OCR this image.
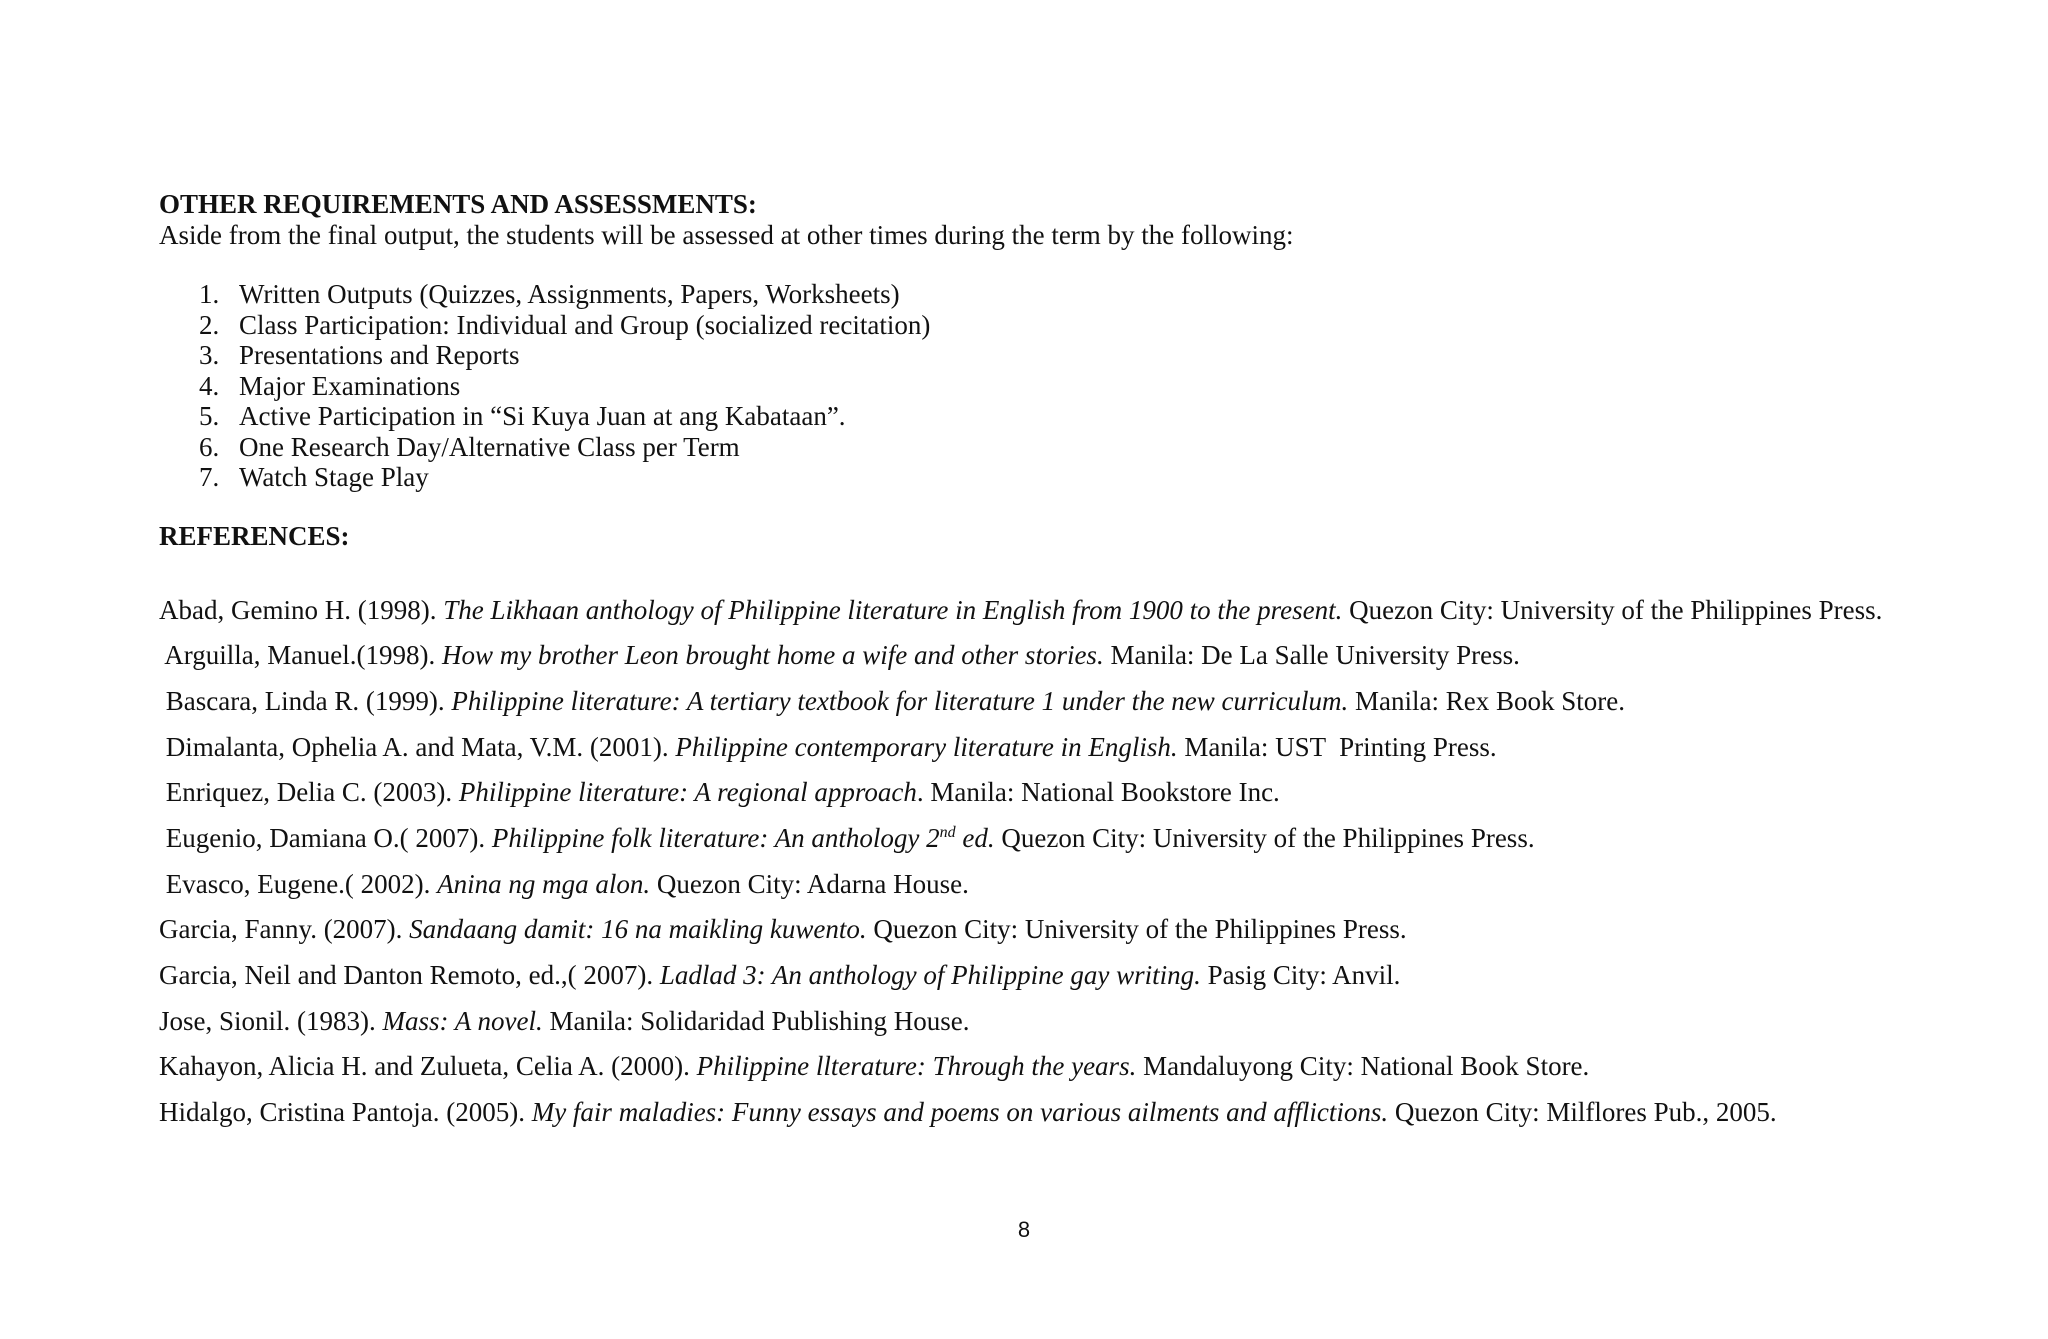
OTHER REQUIREMENTS AND ASSESSMENTS:

Aside from the final output, the students will be assessed at other times during the term by the following:

1. Written Outputs (Quizzes, Assignments, Papers, Worksheets)
2. Class Participation: Individual and Group (socialized recitation)
3. Presentations and Reports
4. Major Examinations
5. Active Participation in “Si Kuya Juan at ang Kabataan”.
6. One Research Day/Alternative Class per Term
7. Watch Stage Play

REFERENCES:

Abad, Gemino H. (1998). The Likhaan anthology of Philippine literature in English from 1900 to the present. Quezon City: University of the Philippines Press.
Arguilla, Manuel.(1998). How my brother Leon brought home a wife and other stories. Manila: De La Salle University Press.
Bascara, Linda R. (1999). Philippine literature: A tertiary textbook for literature 1 under the new curriculum. Manila: Rex Book Store.
Dimalanta, Ophelia A. and Mata, V.M. (2001). Philippine contemporary literature in English. Manila: UST  Printing Press.
Enriquez, Delia C. (2003). Philippine literature: A regional approach. Manila: National Bookstore Inc.
Eugenio, Damiana O.( 2007). Philippine folk literature: An anthology 2nd ed. Quezon City: University of the Philippines Press.
Evasco, Eugene.( 2002). Anina ng mga alon. Quezon City: Adarna House.
Garcia, Fanny. (2007). Sandaang damit: 16 na maikling kuwento. Quezon City: University of the Philippines Press.
Garcia, Neil and Danton Remoto, ed.,( 2007). Ladlad 3: An anthology of Philippine gay writing. Pasig City: Anvil.
Jose, Sionil. (1983). Mass: A novel. Manila: Solidaridad Publishing House.
Kahayon, Alicia H. and Zulueta, Celia A. (2000). Philippine llterature: Through the years. Mandaluyong City: National Book Store.
Hidalgo, Cristina Pantoja. (2005). My fair maladies: Funny essays and poems on various ailments and afflictions. Quezon City: Milflores Pub., 2005.
8
